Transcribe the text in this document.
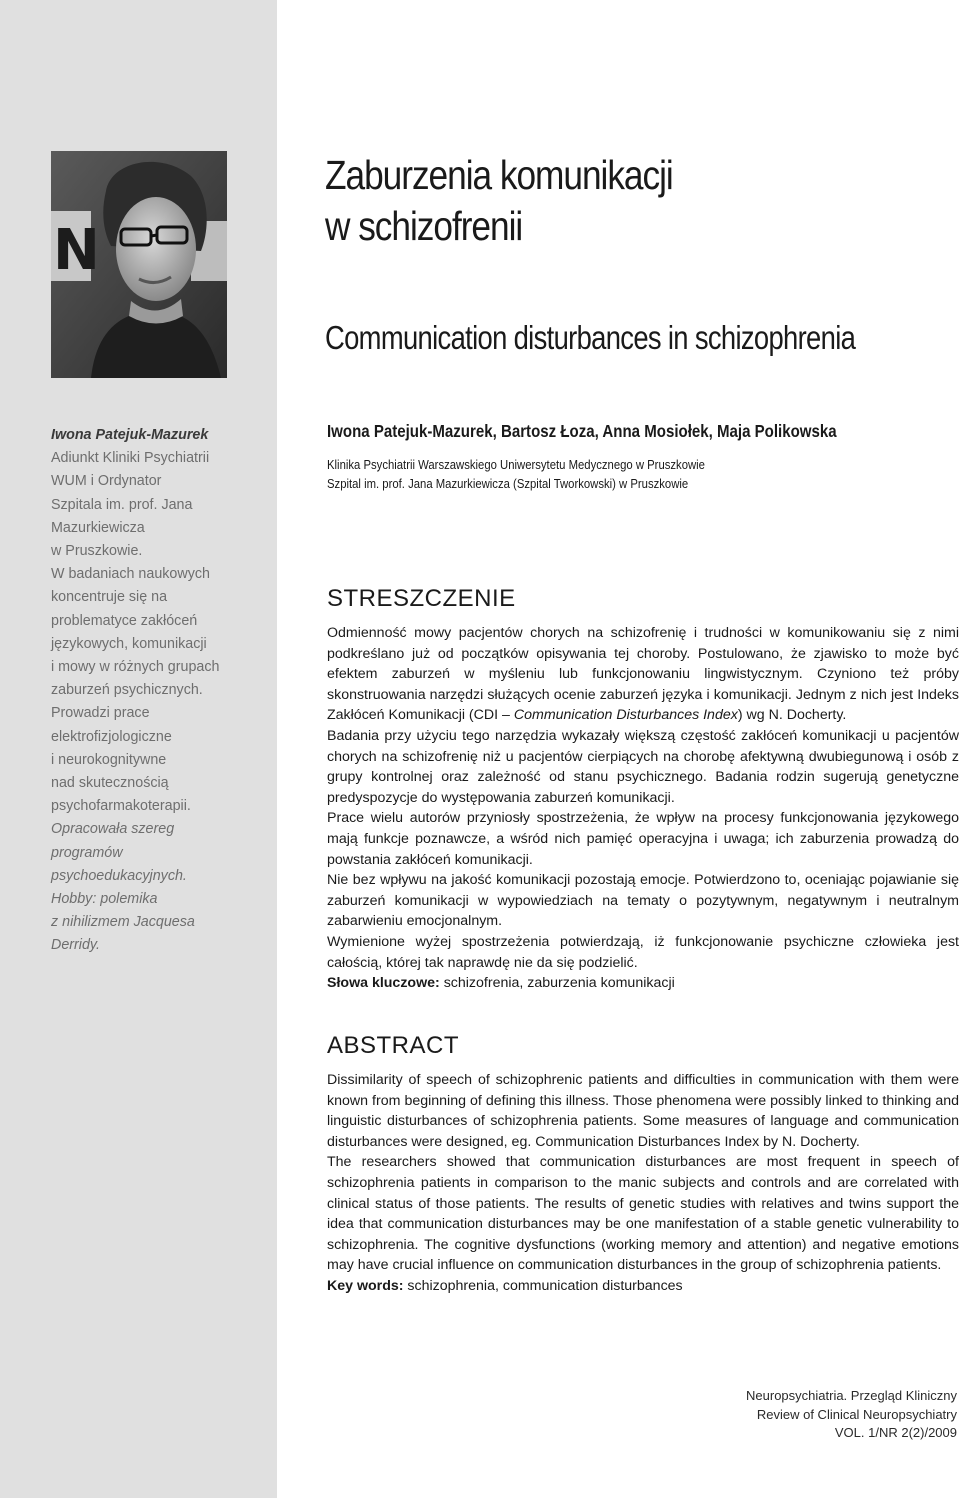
N
Iwona Patejuk-Mazurek
Adiunkt Kliniki Psychiatrii
WUM i Ordynator
Szpitala im. prof. Jana
Mazurkiewicza
w Pruszkowie.
W badaniach naukowych
koncentruje się na
problematyce zakłóceń
językowych, komunikacji
i mowy w różnych grupach
zaburzeń psychicznych.
Prowadzi prace
elektrofizjologiczne
i neurokognitywne
nad skutecznością
psychofarmakoterapii.
Opracowała szereg
programów
psychoedukacyjnych.
Hobby: polemika
z nihilizmem Jacquesa
Derridy.
Zaburzenia komunikacji
w schizofrenii
Communication disturbances in schizophrenia
Iwona Patejuk-Mazurek, Bartosz Łoza, Anna Mosiołek, Maja Polikowska
Klinika Psychiatrii Warszawskiego Uniwersytetu Medycznego w Pruszkowie
Szpital im. prof. Jana Mazurkiewicza (Szpital Tworkowski) w Pruszkowie
STRESZCZENIE

Odmienność mowy pacjentów chorych na schizofrenię i trudności w komunikowaniu się z nimi podkreślano już od początków opisywania tej choroby. Postulowano, że zjawisko to może być efektem zaburzeń w myśleniu lub funkcjonowaniu lingwistycznym. Czyniono też próby skonstruowania narzędzi służących ocenie zaburzeń języka i komunikacji. Jednym z nich jest Indeks Zakłóceń Komunikacji (CDI – Communication Disturbances Index) wg N. Docherty.

Badania przy użyciu tego narzędzia wykazały większą częstość zakłóceń komunikacji u pacjentów chorych na schizofrenię niż u pacjentów cierpiących na chorobę afektywną dwubiegunową i osób z grupy kontrolnej oraz zależność od stanu psychicznego. Badania rodzin sugerują genetyczne predyspozycje do występowania zaburzeń komunikacji.

Prace wielu autorów przyniosły spostrzeżenia, że wpływ na procesy funkcjonowania językowego mają funkcje poznawcze, a wśród nich pamięć operacyjna i uwaga; ich zaburzenia prowadzą do powstania zakłóceń komunikacji.

Nie bez wpływu na jakość komunikacji pozostają emocje. Potwierdzono to, oceniając pojawianie się zaburzeń komunikacji w wypowiedziach na tematy o pozytywnym, negatywnym i neutralnym zabarwieniu emocjonalnym.

Wymienione wyżej spostrzeżenia potwierdzają, iż funkcjonowanie psychiczne człowieka jest całością, której tak naprawdę nie da się podzielić.

Słowa kluczowe: schizofrenia, zaburzenia komunikacji

ABSTRACT

Dissimilarity of speech of schizophrenic patients and difficulties in communication with them were known from beginning of defining this illness. Those phenomena were possibly linked to thinking and linguistic disturbances of schizophrenia patients. Some measures of language and communication disturbances were designed, eg. Communication Disturbances Index by N. Docherty.

The researchers showed that communication disturbances are most frequent in speech of schizophrenia patients in comparison to the manic subjects and controls and are correlated with clinical status of those patients. The results of genetic studies with relatives and twins support the idea that communication disturbances may be one manifestation of a stable genetic vulnerability to schizophrenia. The cognitive dysfunctions (working memory and attention) and negative emotions may have crucial influence on communication disturbances in the group of schizophrenia patients.

Key words: schizophrenia, communication disturbances

Neuropsychiatria. Przegląd Kliniczny
Review of Clinical Neuropsychiatry
VOL. 1/NR 2(2)/2009
